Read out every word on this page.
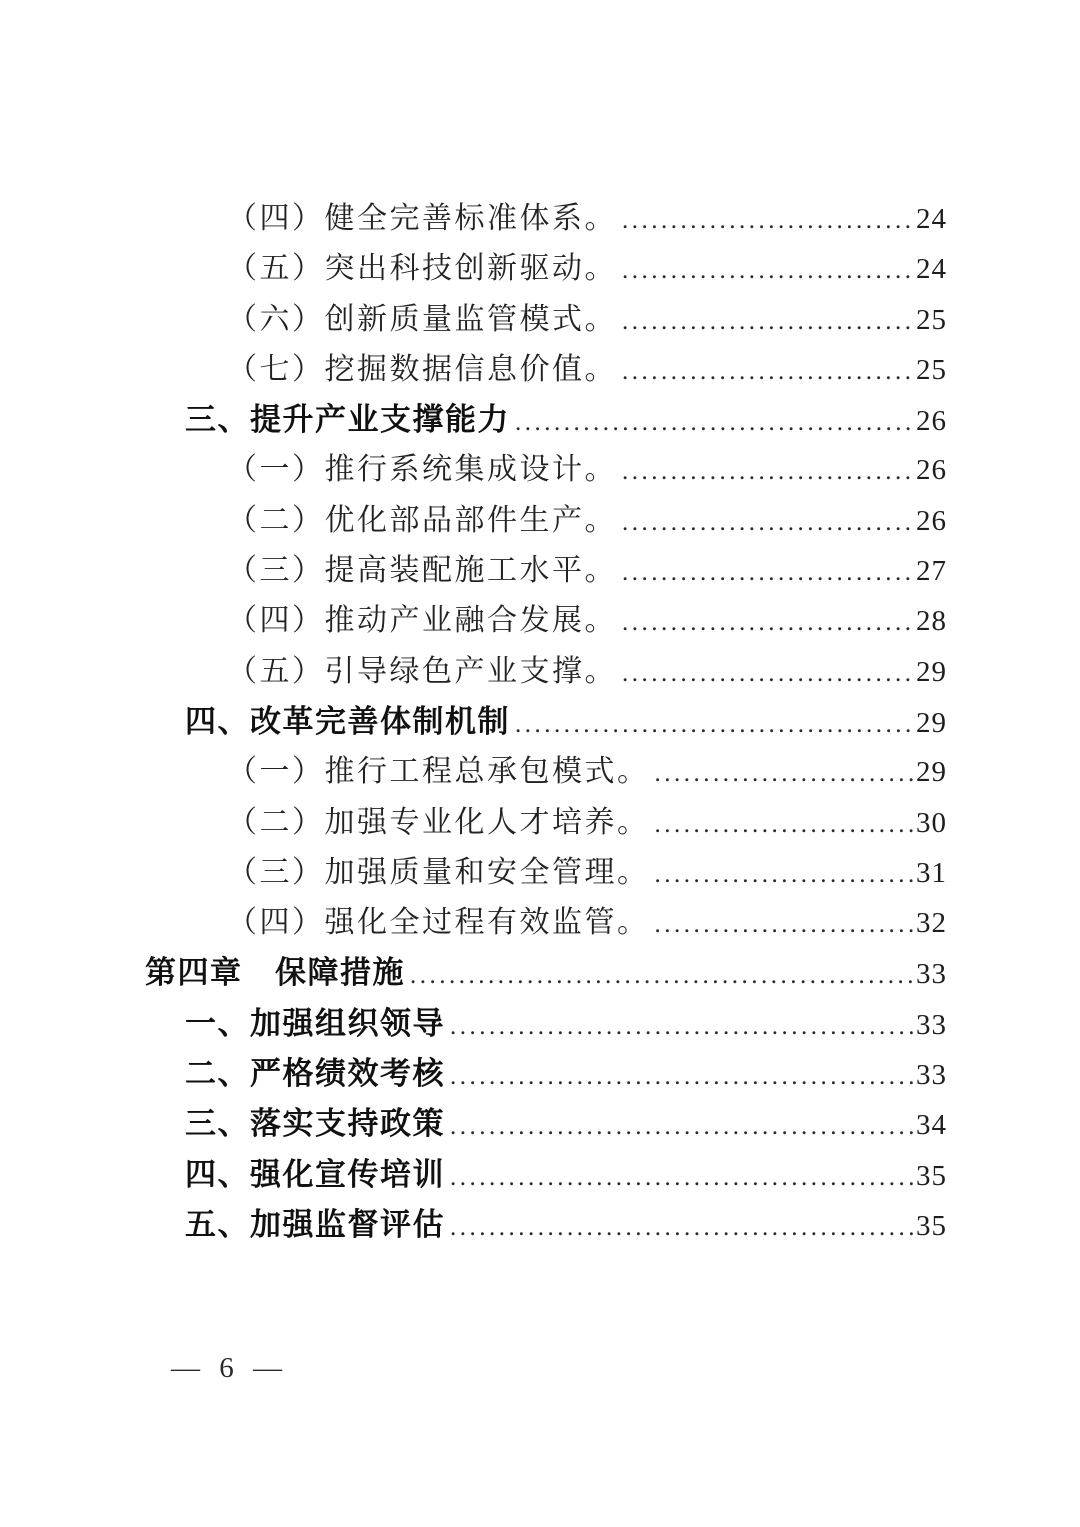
（四）健全完善标准体系。 .....	24
（五）突出科技创新驱动。 .....	24
（六）创新质量监管模式。 .....	25
（七）挖掘数据信息价值。 .....	25
三、提升产业支撑能力 .....	26
（一）推行系统集成设计。 .....	26
（二）优化部品部件生产。 .....	26
（三）提高装配施工水平。 .....	27
（四）推动产业融合发展。 .....	28
（五）引导绿色产业支撑。 .....	29
四、改革完善体制机制 .....	29
（一）推行工程总承包模式。 .....	29
（二）加强专业化人才培养。 .....	30
（三）加强质量和安全管理。 .....	31
（四）强化全过程有效监管。 .....	32
第四章　保障措施 .....	33
一、加强组织领导 .....	33
二、严格绩效考核 .....	33
三、落实支持政策 .....	34
四、强化宣传培训 .....	35
五、加强监督评估 .....	35
— 6 —
